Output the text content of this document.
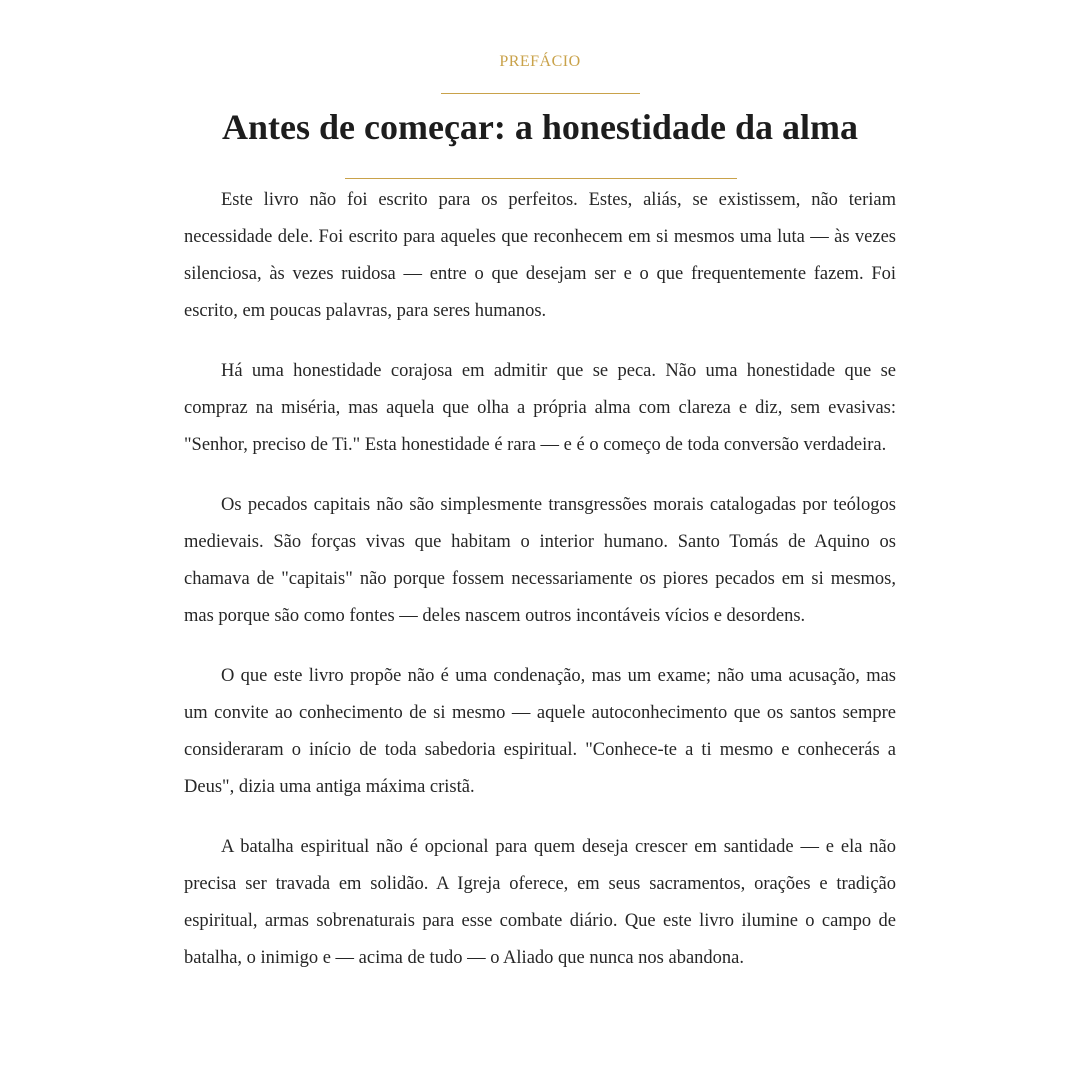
PREFÁCIO
Antes de começar: a honestidade da alma

Este livro não foi escrito para os perfeitos. Estes, aliás, se existissem, não teriam necessidade dele. Foi escrito para aqueles que reconhecem em si mesmos uma luta — às vezes silenciosa, às vezes ruidosa — entre o que desejam ser e o que frequentemente fazem. Foi escrito, em poucas palavras, para seres humanos.

Há uma honestidade corajosa em admitir que se peca. Não uma honestidade que se compraz na miséria, mas aquela que olha a própria alma com clareza e diz, sem evasivas: "Senhor, preciso de Ti." Esta honestidade é rara — e é o começo de toda conversão verdadeira.

Os pecados capitais não são simplesmente transgressões morais catalogadas por teólogos medievais. São forças vivas que habitam o interior humano. Santo Tomás de Aquino os chamava de "capitais" não porque fossem necessariamente os piores pecados em si mesmos, mas porque são como fontes — deles nascem outros incontáveis vícios e desordens.

O que este livro propõe não é uma condenação, mas um exame; não uma acusação, mas um convite ao conhecimento de si mesmo — aquele autoconhecimento que os santos sempre consideraram o início de toda sabedoria espiritual. "Conhece-te a ti mesmo e conhecerás a Deus", dizia uma antiga máxima cristã.

A batalha espiritual não é opcional para quem deseja crescer em santidade — e ela não precisa ser travada em solidão. A Igreja oferece, em seus sacramentos, orações e tradição espiritual, armas sobrenaturais para esse combate diário. Que este livro ilumine o campo de batalha, o inimigo e — acima de tudo — o Aliado que nunca nos abandona.
